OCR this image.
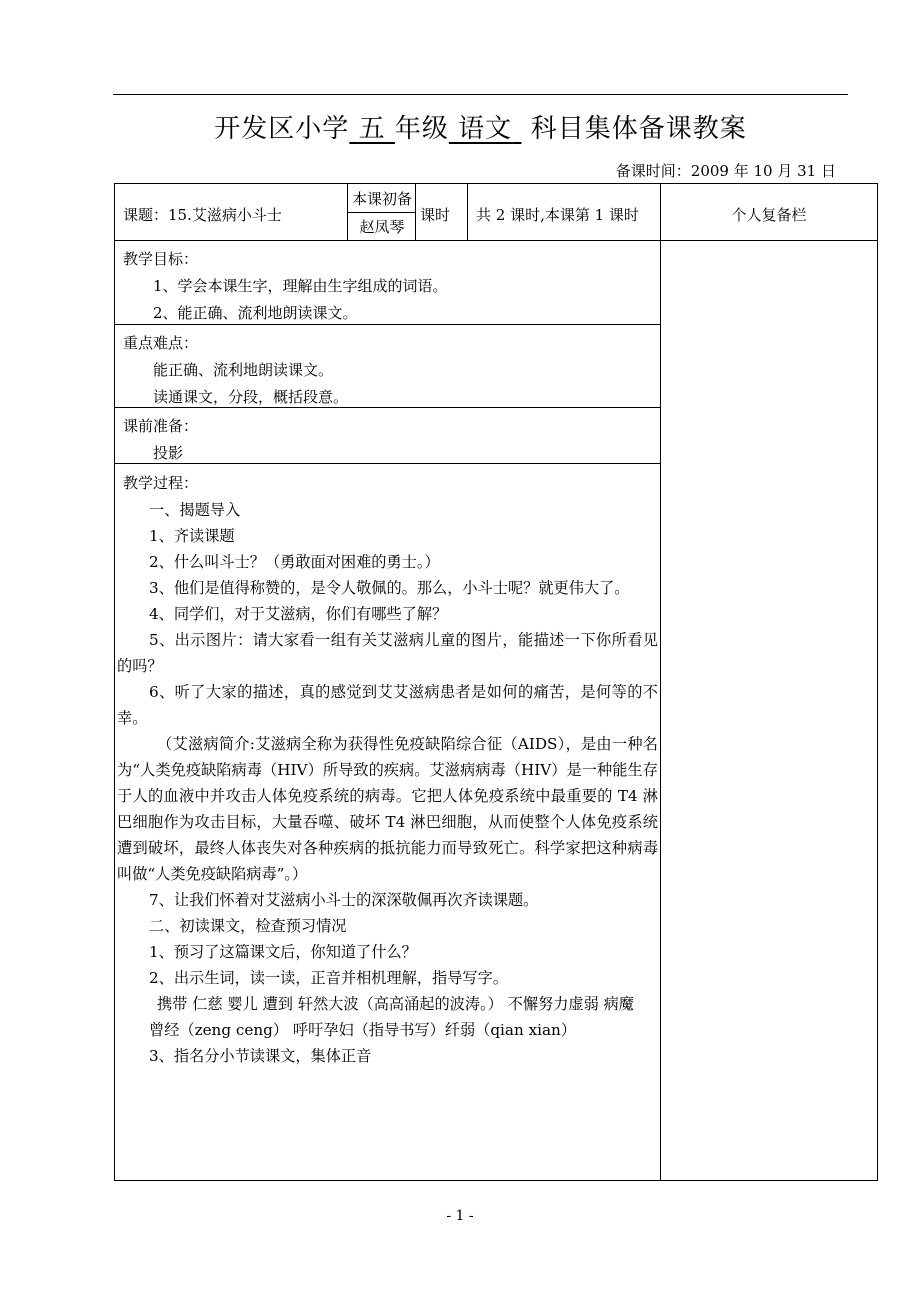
开发区小学 五 年级 语文 科目集体备课教案
备课时间：2009 年 10 月 31 日
课题：15.艾滋病小斗士
本课初备
赵凤琴
课时 共 2 课时,本课第 1 课时	个人复备栏
教学目标：
1、学会本课生字，理解由生字组成的词语。
2、能正确、流利地朗读课文。
重点难点：
能正确、流利地朗读课文。
读通课文，分段，概括段意。
课前准备：
投影
教学过程：
一、揭题导入
1、齐读课题
2、什么叫斗士？（勇敢面对困难的勇士。）
3、他们是值得称赞的，是令人敬佩的。那么，小斗士呢？就更伟大了。
4、同学们，对于艾滋病，你们有哪些了解？
5、出示图片：请大家看一组有关艾滋病儿童的图片，能描述一下你所看见的吗？
6、听了大家的描述，真的感觉到艾艾滋病患者是如何的痛苦，是何等的不幸。
（艾滋病简介:艾滋病全称为获得性免疫缺陷综合征（AIDS），是由一种名为“人类免疫缺陷病毒（HIV）所导致的疾病。艾滋病病毒（HIV）是一种能生存于人的血液中并攻击人体免疫系统的病毒。它把人体免疫系统中最重要的 T4 淋巴细胞作为攻击目标，大量吞噬、破坏 T4 淋巴细胞，从而使整个人体免疫系统遭到破坏，最终人体丧失对各种疾病的抵抗能力而导致死亡。科学家把这种病毒叫做“人类免疫缺陷病毒”。）
7、让我们怀着对艾滋病小斗士的深深敬佩再次齐读课题。
二、初读课文，检查预习情况
1、预习了这篇课文后，你知道了什么？
2、出示生词，读一读，正音并相机理解，指导写字。
携带 仁慈 婴儿 遭到 轩然大波（高高涌起的波涛。） 不懈努力虚弱 病魔
曾经（zeng ceng） 呼吁孕妇（指导书写）纤弱（qian xian）
3、指名分小节读课文，集体正音
- 1 -
